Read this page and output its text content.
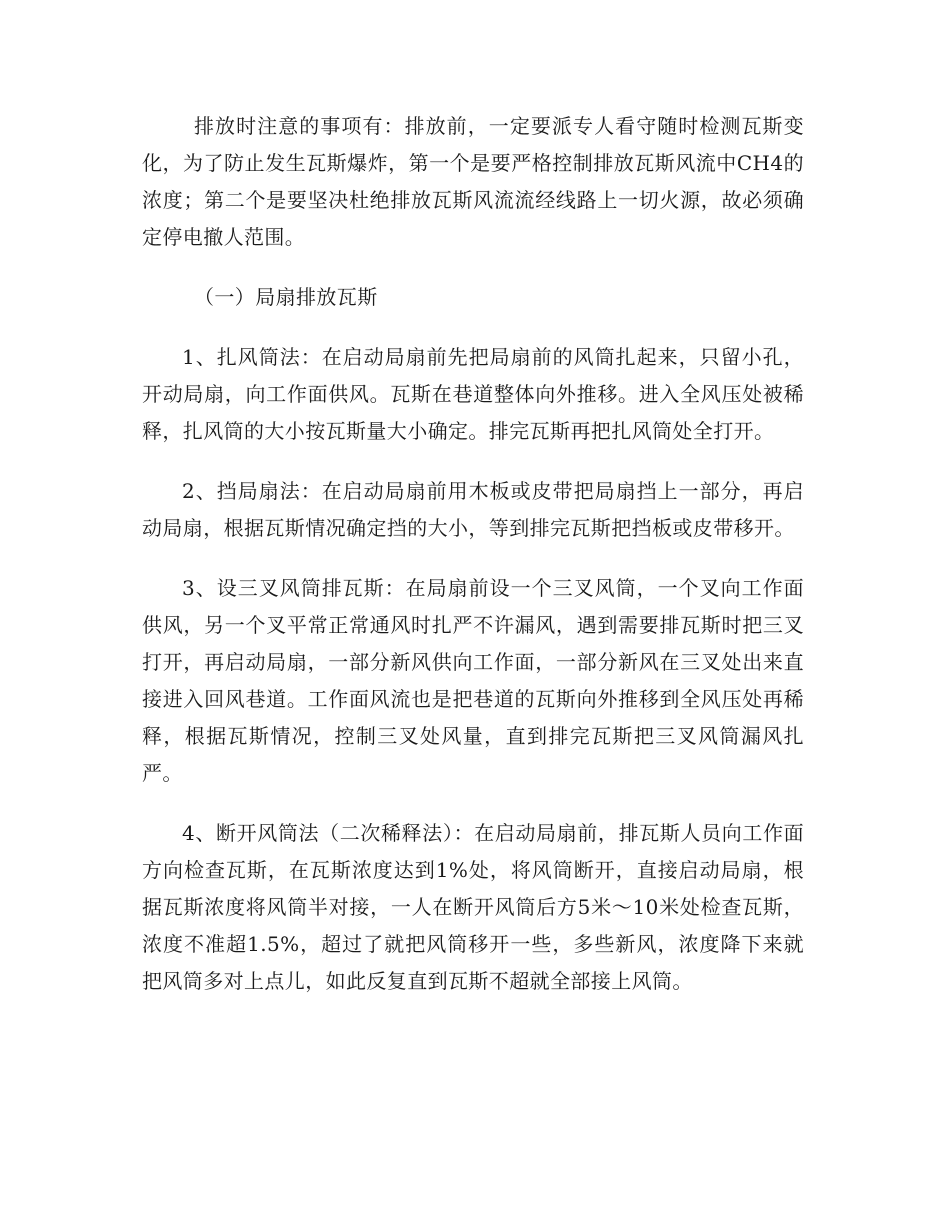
排放时注意的事项有：排放前，一定要派专人看守随时检测瓦斯变化，为了防止发生瓦斯爆炸，第一个是要严格控制排放瓦斯风流中CH4的浓度；第二个是要坚决杜绝排放瓦斯风流流经线路上一切火源，故必须确定停电撤人范围。

（一）局扇排放瓦斯

1、扎风筒法：在启动局扇前先把局扇前的风筒扎起来，只留小孔，开动局扇，向工作面供风。瓦斯在巷道整体向外推移。进入全风压处被稀释，扎风筒的大小按瓦斯量大小确定。排完瓦斯再把扎风筒处全打开。

2、挡局扇法：在启动局扇前用木板或皮带把局扇挡上一部分，再启动局扇，根据瓦斯情况确定挡的大小，等到排完瓦斯把挡板或皮带移开。

3、设三叉风筒排瓦斯：在局扇前设一个三叉风筒，一个叉向工作面供风，另一个叉平常正常通风时扎严不许漏风，遇到需要排瓦斯时把三叉打开，再启动局扇，一部分新风供向工作面，一部分新风在三叉处出来直接进入回风巷道。工作面风流也是把巷道的瓦斯向外推移到全风压处再稀释，根据瓦斯情况，控制三叉处风量，直到排完瓦斯把三叉风筒漏风扎严。

4、断开风筒法（二次稀释法）：在启动局扇前，排瓦斯人员向工作面方向检查瓦斯，在瓦斯浓度达到1%处，将风筒断开，直接启动局扇，根据瓦斯浓度将风筒半对接，一人在断开风筒后方5米～10米处检查瓦斯，浓度不准超1.5%，超过了就把风筒移开一些，多些新风，浓度降下来就把风筒多对上点儿，如此反复直到瓦斯不超就全部接上风筒。
